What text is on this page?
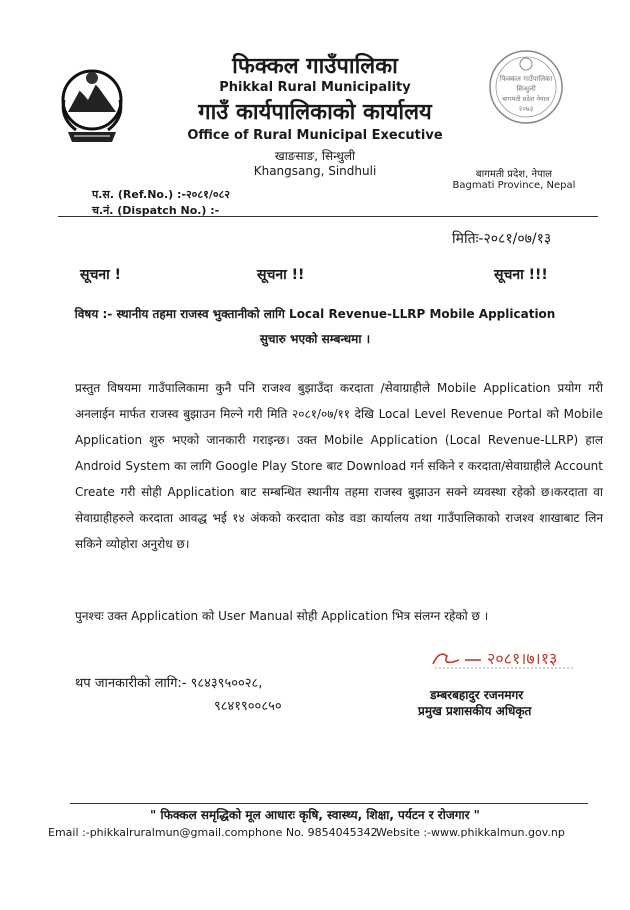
फिक्कल गाउँपालिका
सिन्धुली
बागमती प्रदेश नेपाल
२०७३
फिक्कल गाउँपालिका
Phikkal Rural Municipality
गाउँ कार्यपालिकाको कार्यालय
Office of Rural Municipal Executive
खाङसाङ, सिन्धुली
Khangsang, Sindhuli	बागमती प्रदेश, नेपाल
Bagmati Province, Nepal
प.स. (Ref.No.) :-२०८१/०८२
च.नं. (Dispatch No.) :-
मितिः-२०८१/०७/१३
सूचना !	सूचना !!	सूचना !!!
विषय :- स्थानीय तहमा राजस्व भुक्तानीको लागि Local Revenue-LLRP Mobile Application
सुचारु भएको सम्बन्धमा ।
प्रस्तुत विषयमा गाउँपालिकामा कुनै पनि राजश्व बुझाउँदा करदाता /सेवाग्राहीले Mobile Application प्रयोग गरी अनलाईन मार्फत राजस्व बुझाउन मिल्ने गरी मिति २०८१/०७/११ देखि Local Level Revenue Portal को Mobile Application शुरु भएको जानकारी गराइन्छ। उक्त Mobile Application (Local Revenue-LLRP) हाल Android System का लागि Google Play Store बाट Download गर्न सकिने र करदाता/सेवाग्राहीले Account Create गरी सोही Application बाट सम्बन्धित स्थानीय तहमा राजस्व बुझाउन सक्ने व्यवस्था रहेको छ।करदाता वा सेवाग्राहीहरुले करदाता आवद्ध भई १४ अंकको करदाता कोड वडा कार्यालय तथा गाउँपालिकाको राजश्व शाखाबाट लिन सकिने व्योहोरा अनुरोध छ।
पुनश्चः उक्त Application को User Manual सोही Application भित्र संलग्न रहेको छ ।
थप जानकारीको लागि:- ९८४३९५००२८,
९८४१९००८५०
२०८१।७।१३
डम्बरबहादुर रजनमगर
प्रमुख प्रशासकीय अधिकृत
" फिक्कल समृद्धिको मूल आधारः कृषि, स्वास्थ्य, शिक्षा, पर्यटन र रोजगार "
Email :-phikkalruralmun@gmail.com phone No. 9854045342
Website :-www.phikkalmun.gov.np
